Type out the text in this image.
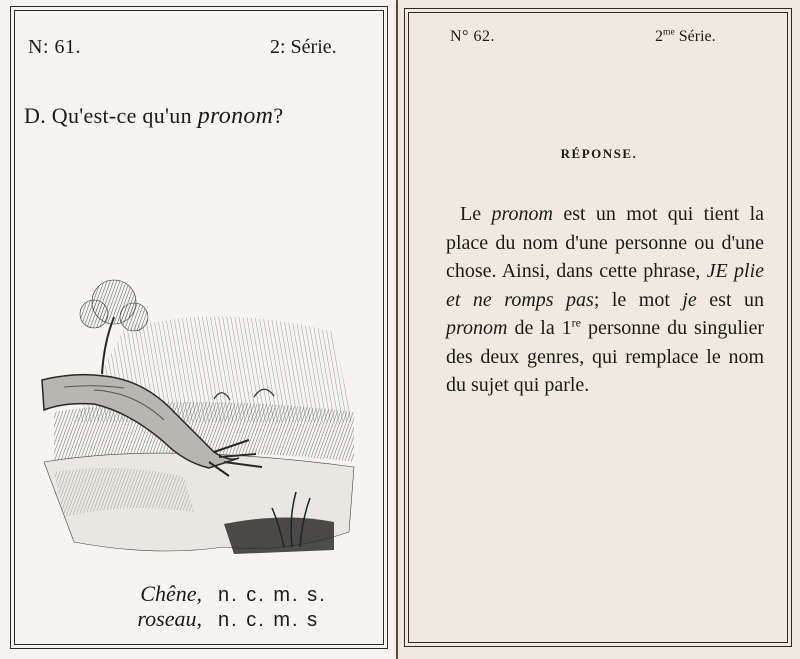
N: 61.	2: Série.
D. Qu'est-ce qu'un pronom?
Chêne, n. c. m. s.
roseau, n. c. m. s
N° 62.	$2^{me}$ Série.
RÉPONSE.

Le pronom est un mot qui tient la place du nom d'une personne ou d'une chose. Ainsi, dans cette phrase, JE plie et ne romps pas; le mot je est un pronom de la 1re personne du singulier des deux genres, qui remplace le nom du sujet qui parle.
